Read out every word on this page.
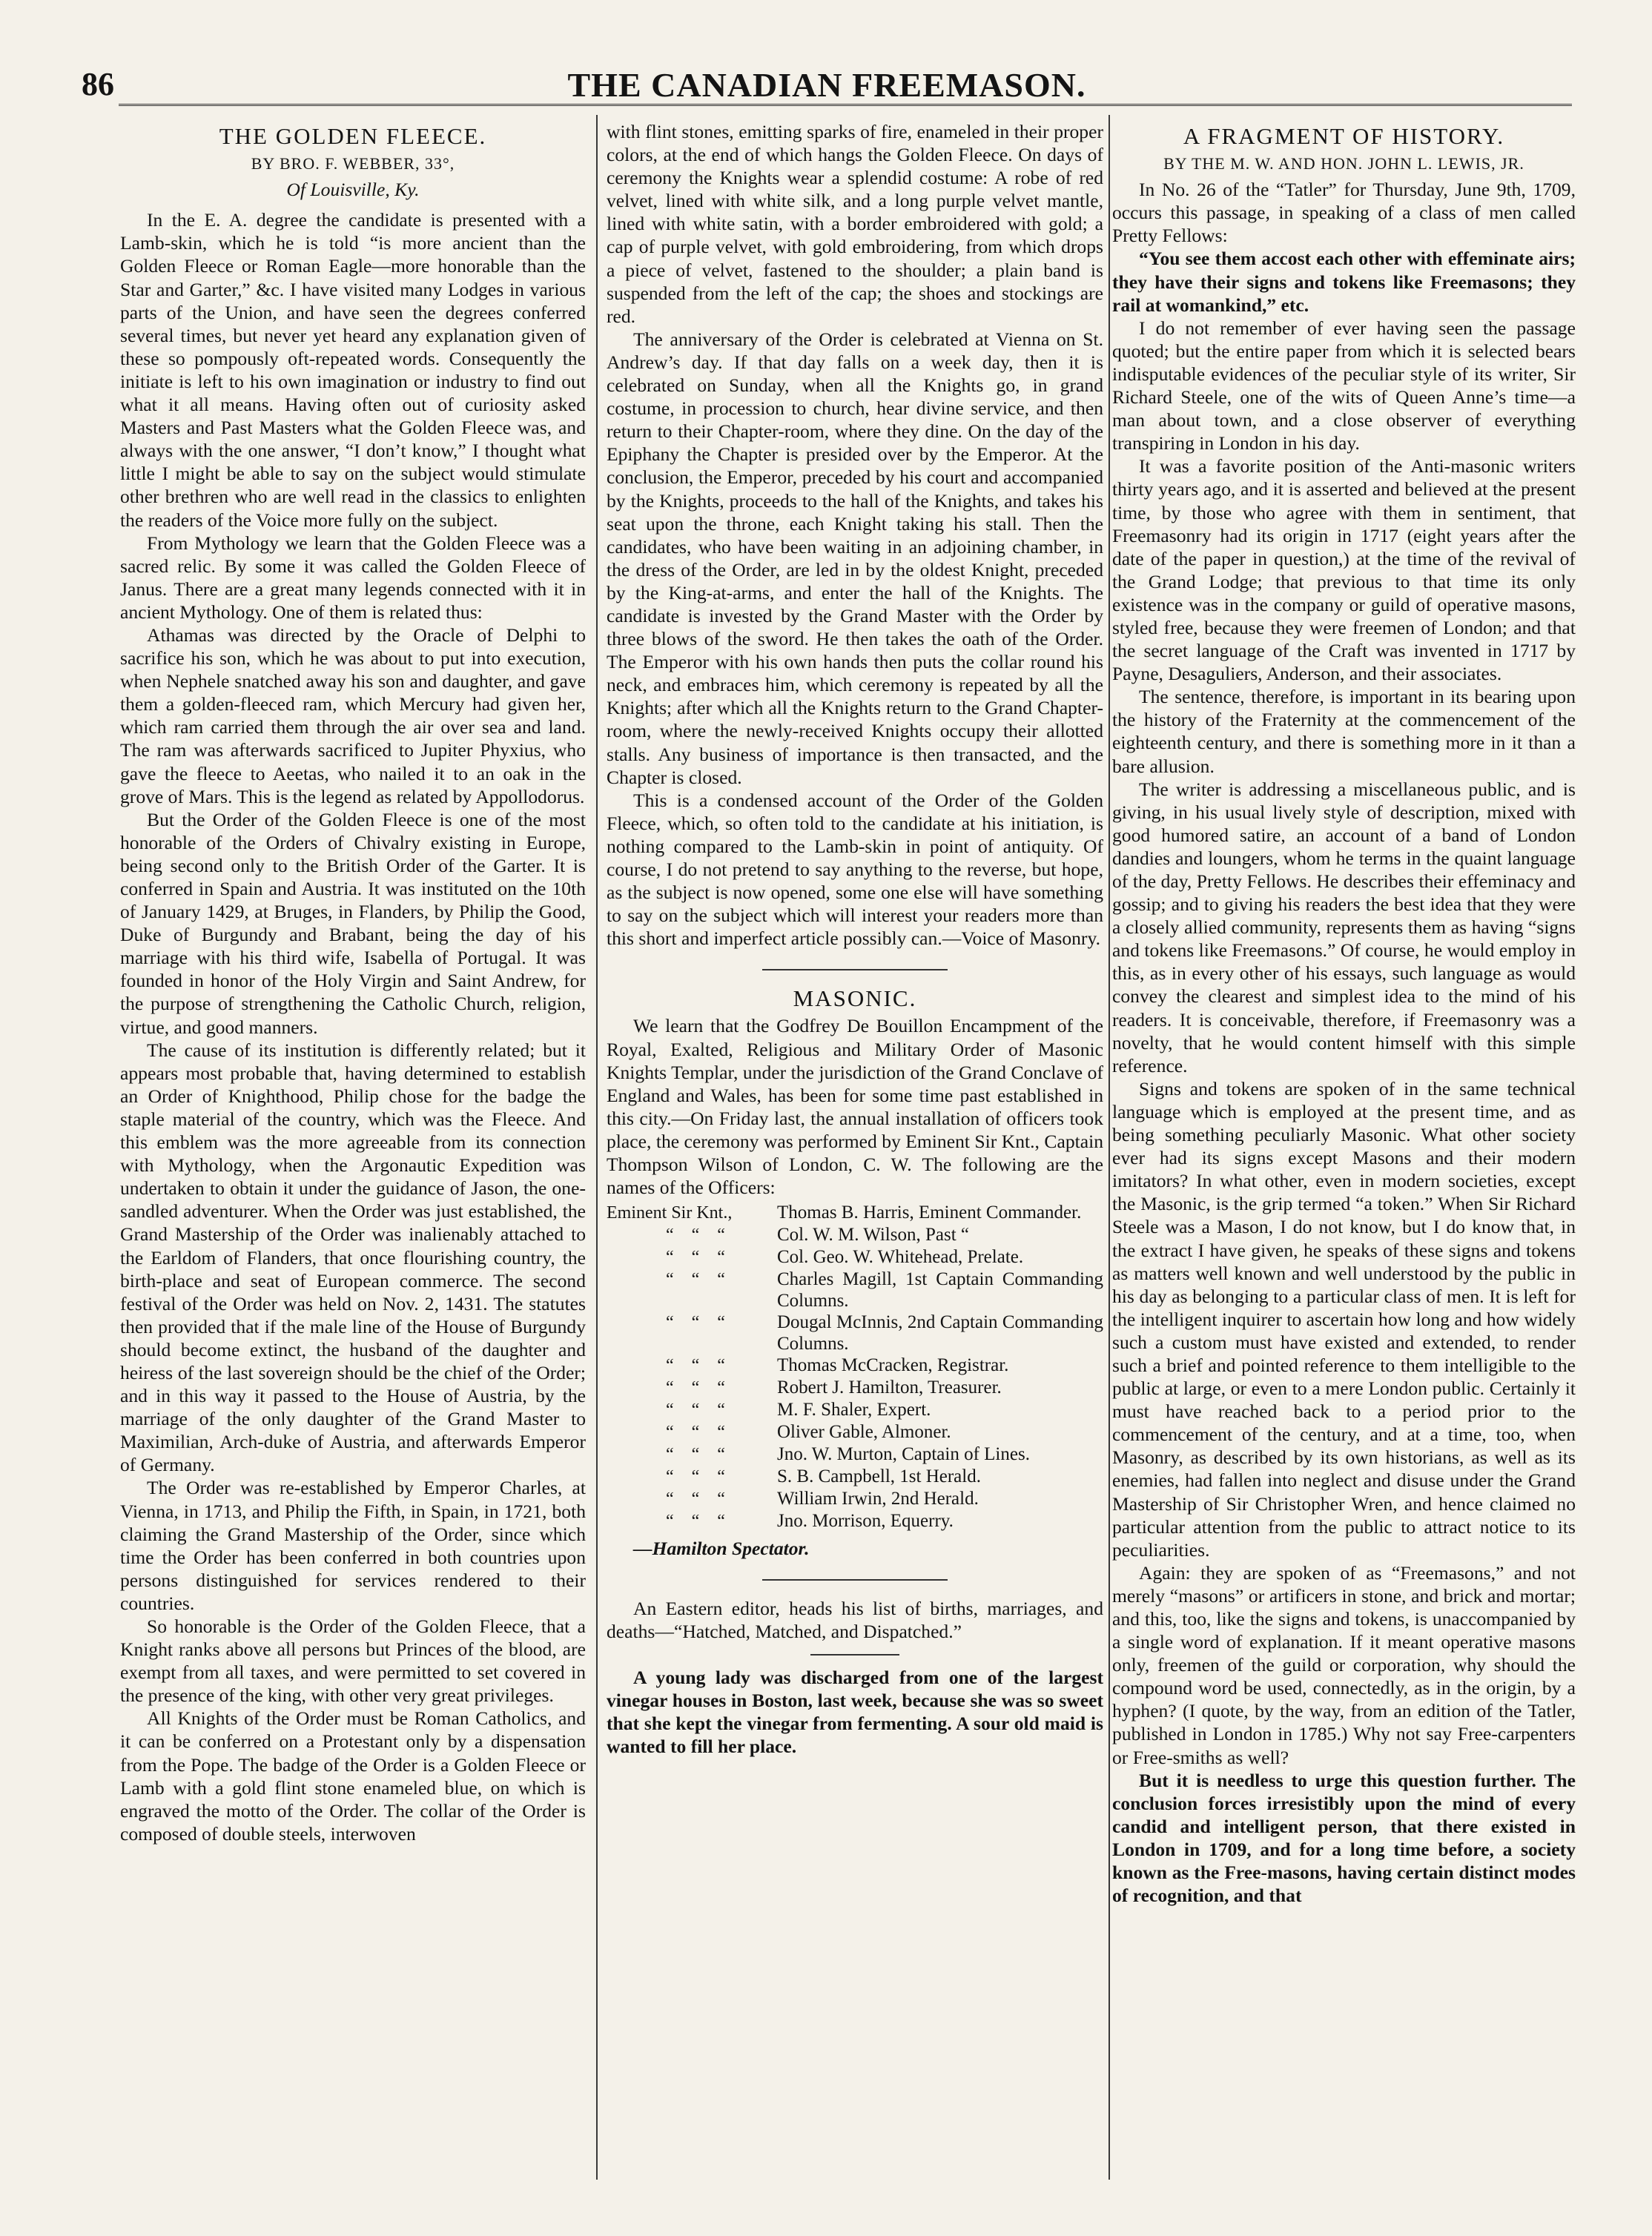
86	THE CANADIAN FREEMASON.
THE GOLDEN FLEECE.
BY BRO. F. WEBBER, 33°,
Of Louisville, Ky.

In the E. A. degree the candidate is presented with a Lamb-skin, which he is told “is more ancient than the Golden Fleece or Roman Eagle—more honorable than the Star and Garter,” &c. I have visited many Lodges in various parts of the Union, and have seen the degrees conferred several times, but never yet heard any explanation given of these so pompously oft-repeated words. Consequently the initiate is left to his own imagination or industry to find out what it all means. Having often out of curiosity asked Masters and Past Masters what the Golden Fleece was, and always with the one answer, “I don’t know,” I thought what little I might be able to say on the subject would stimulate other brethren who are well read in the classics to enlighten the readers of the Voice more fully on the subject.

From Mythology we learn that the Golden Fleece was a sacred relic. By some it was called the Golden Fleece of Janus. There are a great many legends connected with it in ancient Mythology. One of them is related thus:

Athamas was directed by the Oracle of Delphi to sacrifice his son, which he was about to put into execution, when Nephele snatched away his son and daughter, and gave them a golden-fleeced ram, which Mercury had given her, which ram carried them through the air over sea and land. The ram was afterwards sacrificed to Jupiter Phyxius, who gave the fleece to Aeetas, who nailed it to an oak in the grove of Mars. This is the legend as related by Appollodorus.

But the Order of the Golden Fleece is one of the most honorable of the Orders of Chivalry existing in Europe, being second only to the British Order of the Garter. It is conferred in Spain and Austria. It was instituted on the 10th of January 1429, at Bruges, in Flanders, by Philip the Good, Duke of Burgundy and Brabant, being the day of his marriage with his third wife, Isabella of Portugal. It was founded in honor of the Holy Virgin and Saint Andrew, for the purpose of strengthening the Catholic Church, religion, virtue, and good manners.

The cause of its institution is differently related; but it appears most probable that, having determined to establish an Order of Knighthood, Philip chose for the badge the staple material of the country, which was the Fleece. And this emblem was the more agreeable from its connection with Mythology, when the Argonautic Expedition was undertaken to obtain it under the guidance of Jason, the one-sandled adventurer. When the Order was just established, the Grand Mastership of the Order was inalienably attached to the Earldom of Flanders, that once flourishing country, the birth-place and seat of European commerce. The second festival of the Order was held on Nov. 2, 1431. The statutes then provided that if the male line of the House of Burgundy should become extinct, the husband of the daughter and heiress of the last sovereign should be the chief of the Order; and in this way it passed to the House of Austria, by the marriage of the only daughter of the Grand Master to Maximilian, Arch-duke of Austria, and afterwards Emperor of Germany.

The Order was re-established by Emperor Charles, at Vienna, in 1713, and Philip the Fifth, in Spain, in 1721, both claiming the Grand Mastership of the Order, since which time the Order has been conferred in both countries upon persons distinguished for services rendered to their countries.

So honorable is the Order of the Golden Fleece, that a Knight ranks above all persons but Princes of the blood, are exempt from all taxes, and were permitted to set covered in the presence of the king, with other very great privileges.

All Knights of the Order must be Roman Catholics, and it can be conferred on a Protestant only by a dispensation from the Pope. The badge of the Order is a Golden Fleece or Lamb with a gold flint stone enameled blue, on which is engraved the motto of the Order. The collar of the Order is composed of double steels, interwoven

with flint stones, emitting sparks of fire, enameled in their proper colors, at the end of which hangs the Golden Fleece. On days of ceremony the Knights wear a splendid costume: A robe of red velvet, lined with white silk, and a long purple velvet mantle, lined with white satin, with a border embroidered with gold; a cap of purple velvet, with gold embroidering, from which drops a piece of velvet, fastened to the shoulder; a plain band is suspended from the left of the cap; the shoes and stockings are red.

The anniversary of the Order is celebrated at Vienna on St. Andrew’s day. If that day falls on a week day, then it is celebrated on Sunday, when all the Knights go, in grand costume, in procession to church, hear divine service, and then return to their Chapter-room, where they dine. On the day of the Epiphany the Chapter is presided over by the Emperor. At the conclusion, the Emperor, preceded by his court and accompanied by the Knights, proceeds to the hall of the Knights, and takes his seat upon the throne, each Knight taking his stall. Then the candidates, who have been waiting in an adjoining chamber, in the dress of the Order, are led in by the oldest Knight, preceded by the King-at-arms, and enter the hall of the Knights. The candidate is invested by the Grand Master with the Order by three blows of the sword. He then takes the oath of the Order. The Emperor with his own hands then puts the collar round his neck, and embraces him, which ceremony is repeated by all the Knights; after which all the Knights return to the Grand Chapter-room, where the newly-received Knights occupy their allotted stalls. Any business of importance is then transacted, and the Chapter is closed.

This is a condensed account of the Order of the Golden Fleece, which, so often told to the candidate at his initiation, is nothing compared to the Lamb-skin in point of antiquity. Of course, I do not pretend to say anything to the reverse, but hope, as the subject is now opened, some one else will have something to say on the subject which will interest your readers more than this short and imperfect article possibly can.—Voice of Masonry.

MASONIC.

We learn that the Godfrey De Bouillon Encampment of the Royal, Exalted, Religious and Military Order of Masonic Knights Templar, under the jurisdiction of the Grand Conclave of England and Wales, has been for some time past established in this city.—On Friday last, the annual installation of officers took place, the ceremony was performed by Eminent Sir Knt., Captain Thompson Wilson of London, C. W. The following are the names of the Officers:

Eminent Sir Knt.,	Thomas B. Harris, Eminent Commander.
“    “    “	Col. W. M. Wilson, Past “
“    “    “	Col. Geo. W. Whitehead, Prelate.
“    “    “	Charles Magill, 1st Captain Commanding Columns.
“    “    “	Dougal McInnis, 2nd Captain Commanding Columns.
“    “    “	Thomas McCracken, Registrar.
“    “    “	Robert J. Hamilton, Treasurer.
“    “    “	M. F. Shaler, Expert.
“    “    “	Oliver Gable, Almoner.
“    “    “	Jno. W. Murton, Captain of Lines.
“    “    “	S. B. Campbell, 1st Herald.
“    “    “	William Irwin, 2nd Herald.
“    “    “	Jno. Morrison, Equerry.
—Hamilton Spectator.

An Eastern editor, heads his list of births, marriages, and deaths—“Hatched, Matched, and Dispatched.”

A young lady was discharged from one of the largest vinegar houses in Boston, last week, because she was so sweet that she kept the vinegar from fermenting. A sour old maid is wanted to fill her place.

A FRAGMENT OF HISTORY.
BY THE M. W. AND HON. JOHN L. LEWIS, JR.

In No. 26 of the “Tatler” for Thursday, June 9th, 1709, occurs this passage, in speaking of a class of men called Pretty Fellows:

“You see them accost each other with effeminate airs; they have their signs and tokens like Freemasons; they rail at womankind,” etc.

I do not remember of ever having seen the passage quoted; but the entire paper from which it is selected bears indisputable evidences of the peculiar style of its writer, Sir Richard Steele, one of the wits of Queen Anne’s time—a man about town, and a close observer of everything transpiring in London in his day.

It was a favorite position of the Anti-masonic writers thirty years ago, and it is asserted and believed at the present time, by those who agree with them in sentiment, that Freemasonry had its origin in 1717 (eight years after the date of the paper in question,) at the time of the revival of the Grand Lodge; that previous to that time its only existence was in the company or guild of operative masons, styled free, because they were freemen of London; and that the secret language of the Craft was invented in 1717 by Payne, Desaguliers, Anderson, and their associates.

The sentence, therefore, is important in its bearing upon the history of the Fraternity at the commencement of the eighteenth century, and there is something more in it than a bare allusion.

The writer is addressing a miscellaneous public, and is giving, in his usual lively style of description, mixed with good humored satire, an account of a band of London dandies and loungers, whom he terms in the quaint language of the day, Pretty Fellows. He describes their effeminacy and gossip; and to giving his readers the best idea that they were a closely allied community, represents them as having “signs and tokens like Freemasons.” Of course, he would employ in this, as in every other of his essays, such language as would convey the clearest and simplest idea to the mind of his readers. It is conceivable, therefore, if Freemasonry was a novelty, that he would content himself with this simple reference.

Signs and tokens are spoken of in the same technical language which is employed at the present time, and as being something peculiarly Masonic. What other society ever had its signs except Masons and their modern imitators? In what other, even in modern societies, except the Masonic, is the grip termed “a token.” When Sir Richard Steele was a Mason, I do not know, but I do know that, in the extract I have given, he speaks of these signs and tokens as matters well known and well understood by the public in his day as belonging to a particular class of men. It is left for the intelligent inquirer to ascertain how long and how widely such a custom must have existed and extended, to render such a brief and pointed reference to them intelligible to the public at large, or even to a mere London public. Certainly it must have reached back to a period prior to the commencement of the century, and at a time, too, when Masonry, as described by its own historians, as well as its enemies, had fallen into neglect and disuse under the Grand Mastership of Sir Christopher Wren, and hence claimed no particular attention from the public to attract notice to its peculiarities.

Again: they are spoken of as “Freemasons,” and not merely “masons” or artificers in stone, and brick and mortar; and this, too, like the signs and tokens, is unaccompanied by a single word of explanation. If it meant operative masons only, freemen of the guild or corporation, why should the compound word be used, connectedly, as in the origin, by a hyphen? (I quote, by the way, from an edition of the Tatler, published in London in 1785.) Why not say Free-carpenters or Free-smiths as well?

But it is needless to urge this question further. The conclusion forces irresistibly upon the mind of every candid and intelligent person, that there existed in London in 1709, and for a long time before, a society known as the Free-masons, having certain distinct modes of recognition, and that
